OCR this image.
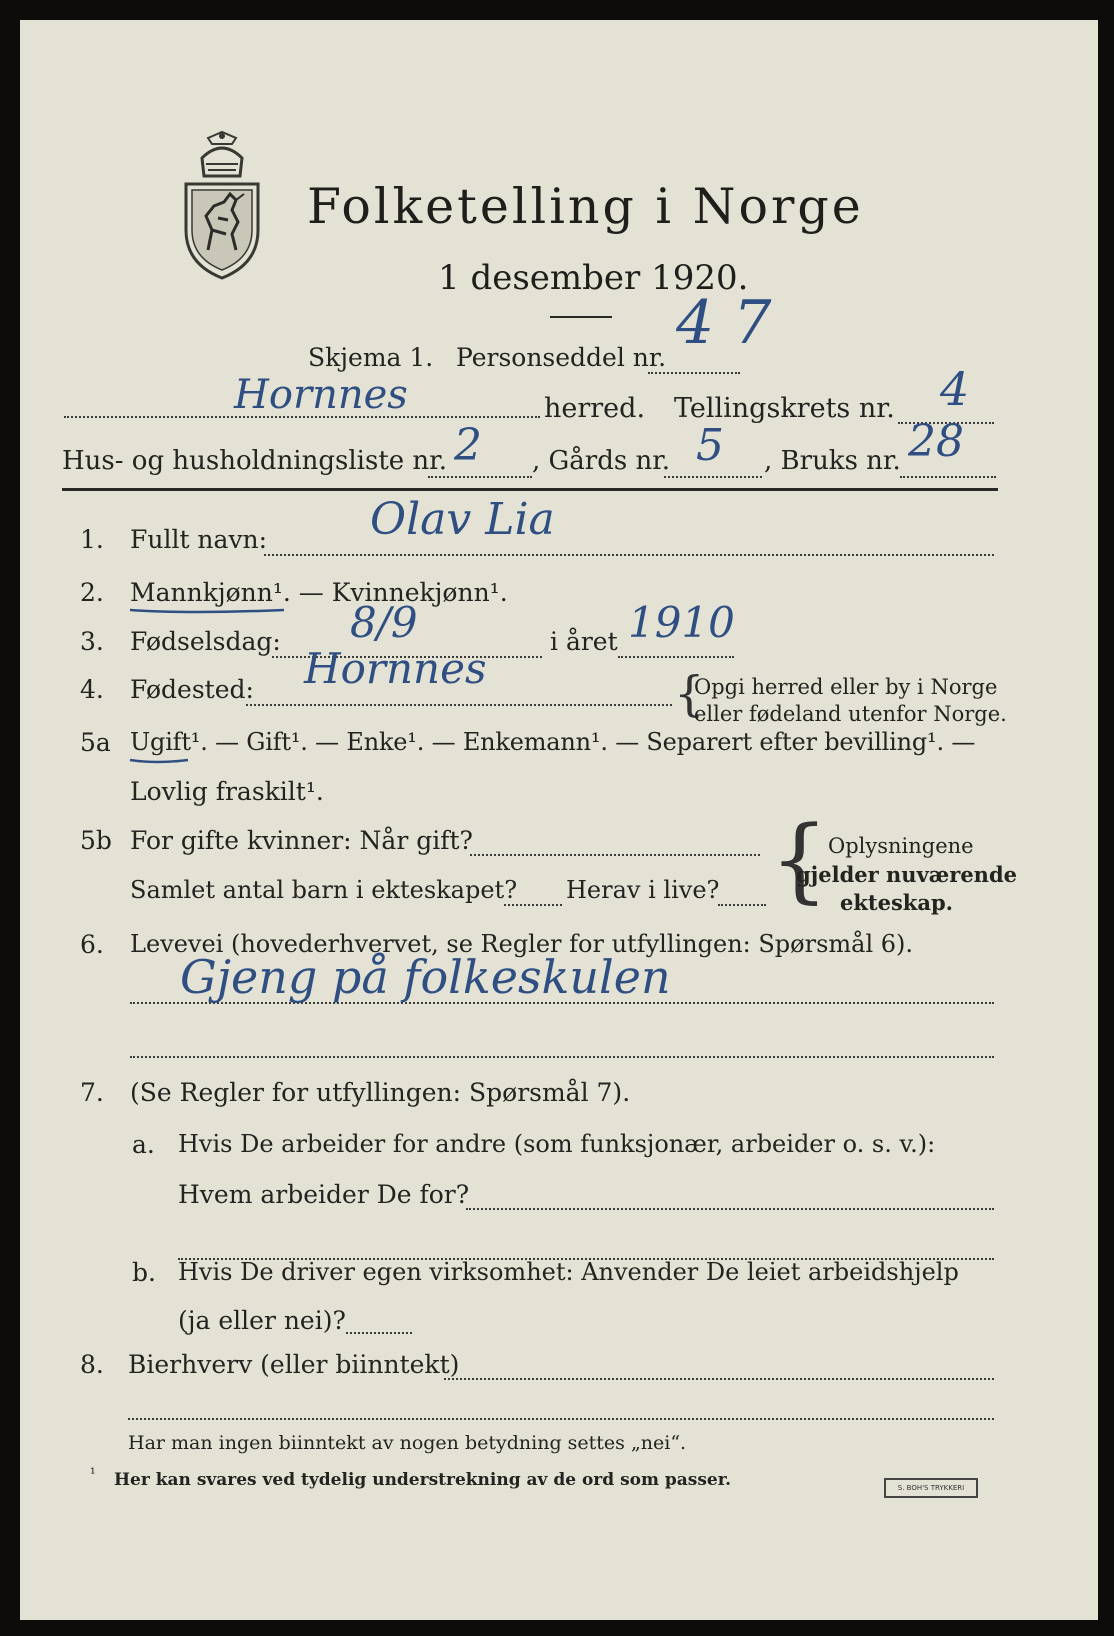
Folketelling i Norge
1 desember 1920.
Skjema 1. Personseddel nr. 4 7
Hornnes	herred. Tellingskrets nr. 4
Hus- og husholdningsliste nr. 2 , Gårds nr. 5 , Bruks nr. 28
1. Fullt navn: Olav Lia
2. Mannkjønn¹. — Kvinnekjønn¹.
3. Fødselsdag: 8/9	i året 1910
4. Fødested: Hornnes	{
Opgi herred eller by i Norge
eller fødeland utenfor Norge.
5a Ugift¹. — Gift¹. — Enke¹. — Enkemann¹. — Separert efter bevilling¹. —
Lovlig fraskilt¹.
5b For gifte kvinner: Når gift?
Samlet antal barn i ekteskapet? Herav i live? { Oplysningene
gjelder nuværende
ekteskap.
6. Levevei (hovederhvervet, se Regler for utfyllingen: Spørsmål 6).
Gjeng på folkeskulen
7. (Se Regler for utfyllingen: Spørsmål 7).
a. Hvis De arbeider for andre (som funksjonær, arbeider o. s. v.):
Hvem arbeider De for?
b. Hvis De driver egen virksomhet: Anvender De leiet arbeidshjelp
(ja eller nei)?
8. Bierhverv (eller biinntekt)
Har man ingen biinntekt av nogen betydning settes „nei“.
¹ Her kan svares ved tydelig understrekning av de ord som passer.	S. BOH'S TRYKKERI
